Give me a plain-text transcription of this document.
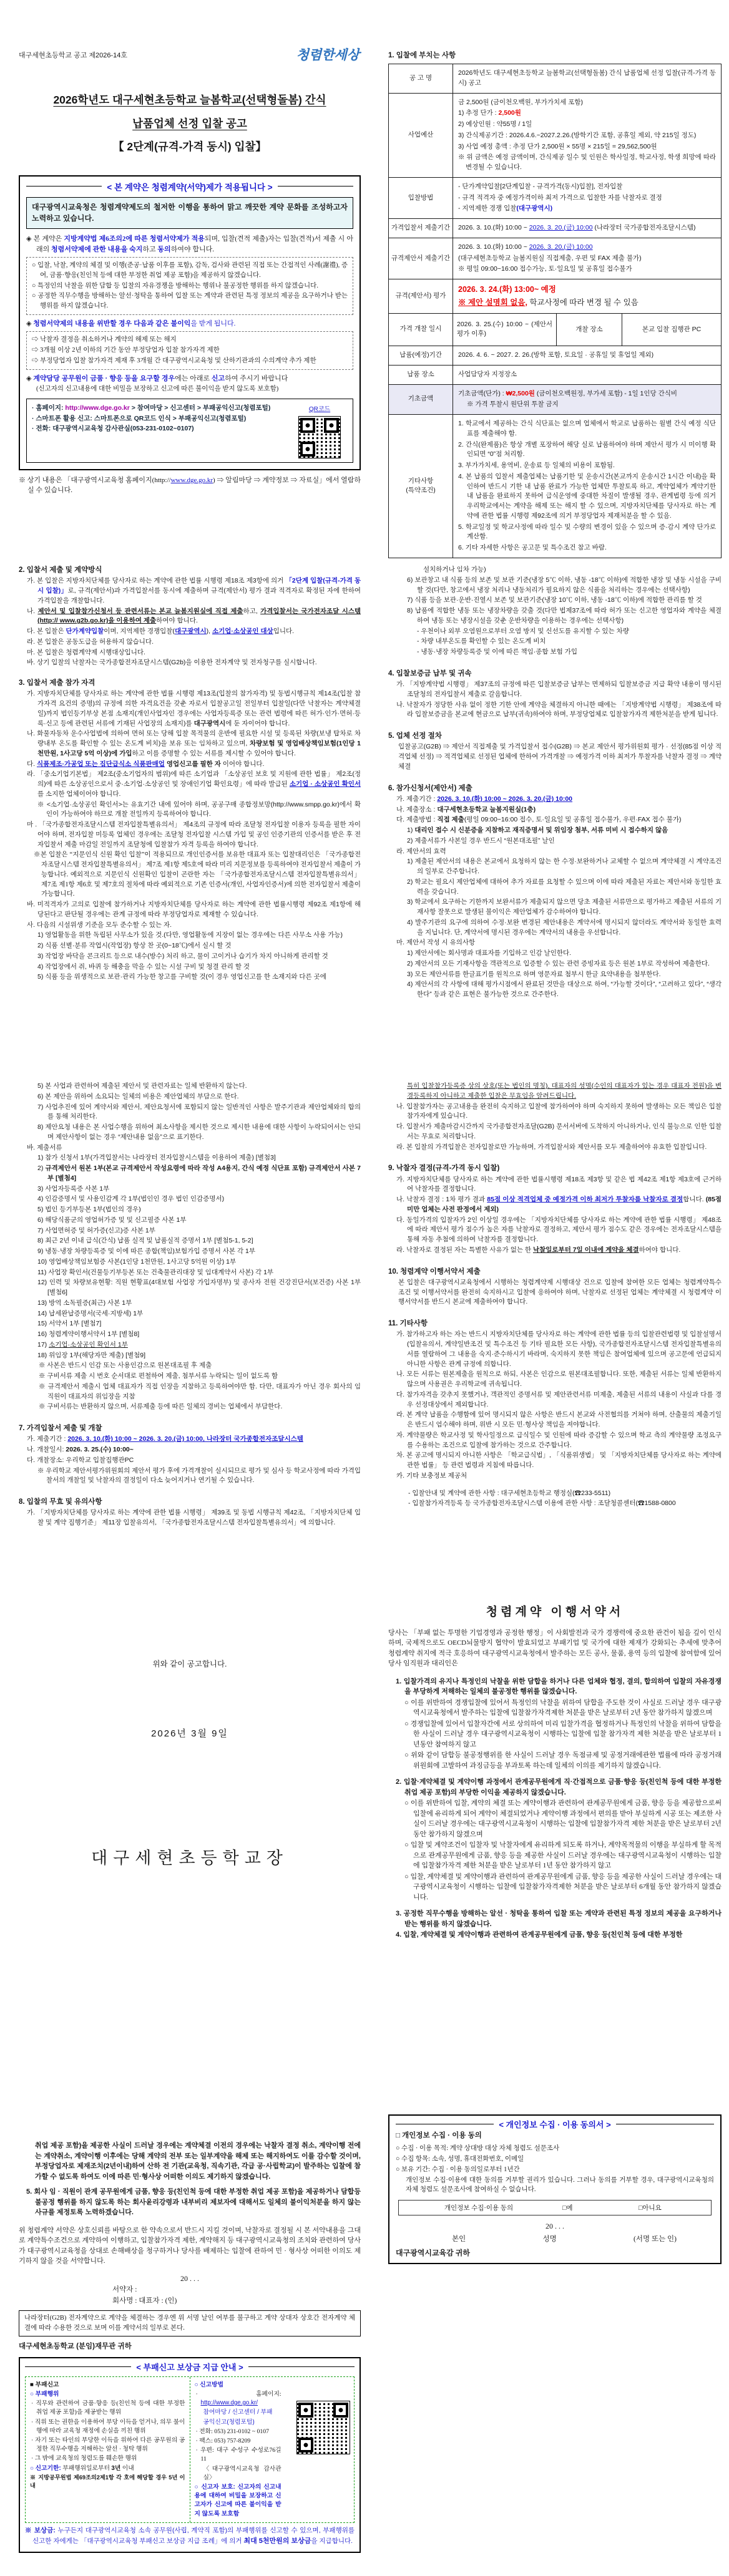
대구세현초등학교 공고 제2026-14호	청렴한세상
2026학년도 대구세현초등학교 늘봄학교(선택형돌봄) 간식
납품업체 선정 입찰 공고
【 2단계(규격-가격 동시) 입찰】
< 본 계약은 청렴계약(서약)제가 적용됩니다 >
대구광역시교육청은 청렴계약제도의 철저한 이행을 통하여 맑고 깨끗한 계약 문화를 조성하고자 노력하고 있습니다.
◈ 본 계약은 지방계약법 제6조의2에 따른 청렴서약제가 적용되며, 입찰(견적 제출)자는 입찰(견적)서 제출 시 아래의 청렴서약제에 관한 내용을 숙지하고 동의하여야 합니다.
○ 입찰, 낙찰, 계약의 체결 및 이행(준공·납품 이후를 포함), 감독, 검사와 관련된 직접 또는 간접적인 사례(謝禮), 증여, 금품·향응(친인척 등에 대한 부정한 취업 제공 포함)을 제공하지 않겠습니다.
○ 특정인의 낙찰을 위한 담합 등 입찰의 자유경쟁을 방해하는 행위나 불공정한 행위를 하지 않겠습니다.
○ 공정한 직무수행을 방해하는 알선·청탁을 통하여 입찰 또는 계약과 관련된 특정 정보의 제공을 요구하거나 받는 행위를 하지 않겠습니다.
◈ 청렴서약제의 내용을 위반할 경우 다음과 같은 불이익을 받게 됩니다.
⇨ 낙찰자 결정을 취소하거나 계약의 해제 또는 해지
⇨ 3개월 이상 2년 이하의 기간 동안 부정당업자 입찰 참가자격 제한
⇨ 부정당업자 입찰 참가자격 제재 후 3개월 간 대구광역시교육청 및 산하기관과의 수의계약 추가 제한
◈ 계약담당 공무원이 금품 · 향응 등을 요구할 경우에는 아래로 신고하여 주시기 바랍니다
(신고자의 신고내용에 대한 비밀을 보장하고 신고에 따른 불이익을 받지 않도록 보호함)
· 홈페이지: http://www.dge.go.kr > 참여마당 > 신고센터 > 부패공익신고(청렴포털)
· 스마트폰 활용 신고: 스마트폰으로 QR코드 인식 > 부패공익신고(청렴포털)
· 전화: 대구광역시교육청 감사관실(053-231-0102~0107)
QR코드
※ 상기 내용은 「대구광역시교육청 홈페이지(http://www.dge.go.kr) ⇒ 알림마당 ⇒ 계약정보 ⇒ 자료실」에서 열람하실 수 있습니다.
1. 입찰에 부치는 사항
공 고 명	2026학년도 대구세현초등학교 늘봄학교(선택형돌봄) 간식 납품업체 선정 입찰(규격-가격 동시) 공고

사업예산

금 2,500원 (금이천오백원, 부가가치세 포함)
1) 추정 단가 : 2,500원
2) 예상인원 : 약55명 / 1일
3) 간식제공기간 : 2026.4.6.~2027.2.26.(방학기간 포함, 공휴일 제외, 약 215일 정도)
3) 사업 예정 총액 : 추정 단가 2,500원 × 55명 × 215일 = 29,562,500원
※ 위 금액은 예정 금액이며, 간식제공 일수 및 인원은 학사일정, 학교사정, 학생 희망에 따라 변경될 수 있습니다.

입찰방법	- 단가계약입찰[2단계입찰 - 규격가격(동시)입찰], 전자입찰
- 규격 적격자 중 예정가격이하 최저 가격으로 입찰한 자를 낙찰자로 결정
- 지역제한 경쟁 입찰(대구광역시)

가격입찰서 제출기간	2026. 3. 10.(화) 10:00 ~ 2026. 3. 20.(금) 10:00 (나라장터 국가종합전자조달시스템)

규격제안서 제출기간	2026. 3. 10.(화) 10:00 ~ 2026. 3. 20.(금) 10:00
(대구세현초등학교 늘봄지원실 직접제출, 우편 및 FAX 제출 불가)
※ 평일 09:00~16:00 접수가능, 토·일요일 및 공휴일 접수불가

규격(제안서) 평가	2026. 3. 24.(화) 13:00~ 예정
※ 제안 설명회 없음, 학교사정에 따라 변경 될 수 있음

가격 개찰 일시	2026. 3. 25.(수) 10:00 ~ (제안서 평가 이후)
개찰 장소 본교 입찰 집행관 PC

납품(예정)기간	2026. 4. 6. ~ 2027. 2. 26.(방학 포함, 토요일 · 공휴일 및 휴업일 제외)

납품 장소	사업담당자 지정장소

기초금액	기초금액(단가) : ₩2,500원 (금이천오백원정, 부가세 포함) - 1일 1인당 간식비
※ 가격 투찰시 원단위 투찰 금지

기타사항
(특약조건)

1. 학교에서 제공하는 간식 식단표는 없으며 업체에서 학교로 납품하는 월별 간식 예정 식단표를 제출해야 함.
2. 간식(완제품)은 항상 개별 포장하여 해당 실로 납품하여야 하며 제안서 평가 시 미이행 확인되면 “0”점 처리함.
3. 부가가치세, 용역비, 운송료 등 일체의 비용이 포함됨.
4. 본 납품의 입찰서 제출업체는 납품기한 및 운송시간(본교까지 운송시간 1시간 이내)을 확인하여 반드시 기한 내 납품 완료가 가능한 업체만 투찰토록 하고, 계약업체가 계약기한 내 납품을 완료하지 못하여 급식운영에 중대한 차질이 발생될 경우, 관계법령 등에 의거 우리학교에서는 계약을 해제 또는 해지 할 수 있으며, 지방자치단체를 당사자로 하는 계약에 관한 법률 시행령 제92조에 의거 부정당업자 제재처분을 할 수 있음.
5. 학교일정 및 학교사정에 따라 일수 및 수량의 변경이 있을 수 있으며 증·감시 계약 단가로 계산함.
6. 기타 자세한 사항은 공고문 및 특수조건 참고 바람.
2. 입찰서 제출 및 계약방식
가. 본 입찰은 지방자치단체를 당사자로 하는 계약에 관한 법률 시행령 제18조 제3항에 의거 「2단계 입찰(규격-가격 동시 입찰)」로, 규격(제안서)과 가격입찰서를 동시에 제출하며 규격(제안서) 평가 결과 적격자로 확정된 자에 한하여 가격입찰을 개찰합니다.
나. 제안서 및 입찰참가신청서 등 관련서류는 본교 늘봄지원실에 직접 제출하고, 가격입찰서는 국가전자조달 시스템 (http:// www.g2b.go.kr)을 이용하여 제출하여야 합니다.
다. 본 입찰은 단가계약입찰이며, 지역제한 경쟁입찰(대구광역시), 소기업·소상공인 대상입니다.
라. 본 입찰은 공동도급을 허용하지 않습니다.
마. 본 입찰은 청렴계약제 시행대상입니다.
바. 상기 입찰의 낙찰자는 국가종합전자조달시스템(G2b)을 이용한 전자계약 및 전자청구를 실시합니다.
3. 입찰서 제출 참가 자격
가. 지방자치단체를 당사자로 하는 계약에 관한 법률 시행령 제13조(입찰의 참가자격) 및 동법시행규칙 제14조(입찰 참가자격 요건의 증명)의 규정에 의한 자격요건을 갖춘 자로서 입찰공고일 전일부터 입찰일(다만 낙찰자는 계약체결일)까지 법인등기부상 본점 소재지(개인사업자인 경우에는 사업자등록증 또는 관련 법령에 따른 허가·인가·면허·등록·신고 등에 관련된 서류에 기재된 사업장의 소재지)를 대구광역시에 둔 자이어야 합니다.
나. 화물자동차 운수사업법에 의하여 면허 또는 당해 입찰 목적물의 운반에 필요한 시설 및 등록된 차량(보냉 탑차로 차량내부 온도를 확인할 수 있는 온도계 비치)을 보유 또는 임차하고 있으며, 차량보험 및 영업배상책임보험(1인당 1천만원, 1사고당 5억 이상)에 가입하고 이를 증명할 수 있는 서류를 제시할 수 있어야 합니다.
다. 식품제조·가공업 또는 집단급식소 식품판매업 영업신고를 필한 자 이어야 합니다.
라. 「중소기업기본법」 제2조(중소기업자의 범위)에 따른 소기업과 「소상공인 보호 및 지원에 관한 법률」 제2조(정의)에 따른 소상공인으로서 중·소기업·소상공인 및 장애인기업 확인요령」에 따라 발급된 소기업 · 소상공인 확인서를 소지한 업체이어야 합니다.
※ <소기업·소상공인 확인서>는 유효기간 내에 있어야 하며, 공공구매 종합정보망(http://www.smpp.go.kr)에서 확인이 가능하여야 하므로 개찰 전일까지 등록하여야 합니다.
마 . 「국가종합전자조달시스템 전자입찰특별유의서」 제4조의 규정에 따라 조달청 전자입찰 이용자 등록을 필한 자이어야 하며, 전자입찰 미등록 업체인 경우에는 조달청 전자입찰 시스템 가입 및 공인 인증기관의 인증서를 받은 후 전자입찰서 제출 마감일 전일까지 조달청에 입찰참가 자격 등록을 하여야 합니다.
※본 입찰은 “지문인식 신원 확인 입찰”이 적용되므로 개인인증서를 보유한 대표자 또는 입찰대리인은 「국가종합전자조달시스템 전자입찰특별유의서」 제7조 제1항 제5호에 따라 미리 지문정보를 등록하여야 전자입찰서 제출이 가능합니다. 예외적으로 지문인식 신원확인 입찰이 곤란한 자는 「국가종합전자조달시스템 전자입찰특별유의서」 제7조 제1항 제6호 및 제7호의 절차에 따라 예외적으로 기존 인증서(개인, 사업자인증서)에 의한 전자입찰서 제출이 가능합니다.
바. 미적격자가 고의로 입찰에 참가하거나 지방자치단체를 당사자로 하는 계약에 관한 법률시행령 제92조 제1항에 해당된다고 판단될 경우에는 관계 규정에 따라 부정당업자로 제재할 수 있습니다.
사. 다음의 시설위생 기준을 모두 준수할 수 있는 자.
1) 영업활동을 위한 독립된 사무소가 있을 것.(다만, 영업활동에 지장이 없는 경우에는 다른 사무소 사용 가능)
2) 식품 선별·분류 작업시(작업장) 항상 찬 곳(0~18℃)에서 실시 할 것
3) 작업장 바닥을 콘크리트 등으로 내수(방수) 처리 하고, 물이 고이거나 습기가 차지 아니하게 관리할 것
4) 작업장에서 쥐, 바퀴 등 해충을 막을 수 있는 시설 구비 및 청결 관리 할 것
5) 식품 등을 위생적으로 보관·관리 가능한 창고를 구비할 것(이 경우 영업신고를 한 소재지와 다른 곳에
설치하거나 임차 가능)
6) 보관창고 내 식품 등의 보존 및 보관 기준(냉장 5℃ 이하, 냉동 -18℃ 이하)에 적합한 냉장 및 냉동 시설을 구비할 것(다만, 창고에서 냉장 처리나 냉동처리가 필요하지 않은 식품을 처리하는 경우에는 선택사항)
7) 식품 등을 보관·운반·진열시 보존 및 보관기준(냉장 10℃ 이하, 냉동 -18℃ 이하)에 적합한 관리를 할 것
8) 납품에 적합한 냉동 또는 냉장차량을 갖출 것(다만 법제37조에 따라 허가 또는 신고한 영업자와 계약을 체결하여 냉동 또는 냉장시설을 갖춘 운반차량을 이용하는 경우에는 선택사항)
- 우천이나 외부 오염원으로부터 오염 방지 및 신선도를 유지할 수 있는 차량
- 차량 내부온도를 확인할 수 있는 온도계 비치
- 냉동·냉장 차량등록증 및 이에 따른 책임·종합 보험 가입
4. 입찰보증금 납부 및 귀속
가. 「지방계약법 시행령」 제37조의 규정에 따른 입찰보증금 납부는 면제하되 입찰보증금 지급 확약 내용이 명시된 조달청의 전자입찰서 제출로 갈음합니다.
나. 낙찰자가 정당한 사유 없이 정한 기한 안에 계약을 체결하지 아니한 때에는 「지방계약법 시행령」 제38조에 따라 입찰보증금을 본교에 현금으로 납부(귀속)하여야 하며, 부정당업체로 입찰참가자격 제한처분을 받게 됩니다.
5. 업체 선정 절차
입찰공고(G2B) ⇒ 제안서 직접제출 및 가격입찰서 접수(G2B) ⇒ 본교 제안서 평가위원회 평가 · 선정(85점 이상 적격업체 선정) ⇒ 적격업체로 선정된 업체에 한하여 가격개찰 ⇒ 예정가격 이하 최저가 투찰자를 낙찰자 결정 ⇒ 계약체결
6. 참가신청서(제안서) 제출
가. 제출기간 : 2026. 3. 10.(화) 10:00 ~ 2026. 3. 20.(금) 10:00
나. 제출장소 : 대구세현초등학교 늘봄지원실(1층)
다. 제출방법 : 직접 제출(평일 09:00~16:00 접수, 토·일요일 및 공휴일 접수불가, 우편·FAX 접수 불가)
1) 대리인 접수 시 신분증을 지참하고 재직증명서 및 위임장 첨부, 서류 미비 시 접수하지 않음
2) 제출서류가 사본일 경우 반드시 “원본대조필” 날인
라. 제안서의 효력
1) 제출된 제안서의 내용은 본교에서 요청하지 않는 한 수정·보완하거나 교체할 수 없으며 계약체결 시 계약조건의 일부로 간주합니다.
2) 학교는 필요시 제안업체에 대하여 추가 자료를 요청할 수 있으며 이에 따라 제출된 자료는 제안서와 동일한 효력을 갖습니다.
3) 학교에서 요구하는 기한까지 보완서류가 제출되지 않으면 당초 제출된 서류만으로 평가하고 제출된 서류의 기재사항 잘못으로 발생된 불이익은 제안업체가 감수하여야 합니다.
4) 발주기관의 요구에 의하여 수정·보완 변경된 제안내용은 계약서에 명시되지 않더라도 계약서와 동일한 효력을 지닙니다. 단, 계약서에 명시된 경우에는 계약서의 내용을 우선합니다.
마. 제안서 작성 시 유의사항
1) 제안서에는 회사명과 대표자를 기입하고 인감 날인한다.
2) 제안서의 모든 기재사항을 객관적으로 입증할 수 있는 관련 증빙자료 등은 원본 1부로 작성하여 제출한다.
3) 모든 제안서류를 한글표기를 원칙으로 하며 영문자료 첨부시 한글 요약내용을 첨부한다.
4) 제안서의 각 사항에 대해 평가시점에서 완료된 것만을 대상으로 하여, “가능할 것이다”, “고려하고 있다”, “생각한다” 등과 같은 표현은 불가능한 것으로 간주한다.
5) 본 사업과 관련하여 제출된 제안서 및 관련자료는 일체 반환하지 않는다.
6) 본 제안을 위하여 소요되는 일체의 비용은 제안업체의 부담으로 한다.
7) 사업추진에 있어 계약서와 제안서, 제안요청서에 포함되지 않는 일반적인 사항은 발주기관과 제안업체와의 합의를 통해 처리한다.
8) 제안요청 내용은 본 사업수행을 위하여 최소사항을 제시한 것으로 제시한 내용에 대한 사항이 누락되어서는 안되며 제안사항이 없는 경우 “제안내용 없음”으로 표기한다.
바. 제출서류
1) 참가 신청서 1부(가격입찰서는 나라장터 전자입찰시스템을 이용하여 제출) [별첨3]
2) 규격제안서 원본 1부(본교 규격제안서 작성요령에 따라 작성 A4용지, 간식 예정 식단표 포함) 규격제안서 사본 7부 [별첨4]
3) 사업자등록증 사본 1부
4) 인감증명서 및 사용인감계 각 1부(법인인 경우 법인 인감증명서)
5) 법인 등기부등본 1부(법인의 경우)
6) 해당식품군의 영업허가증 및 및 신고필증 사본 1부
7) 사업면허증 및 허가증(신고)증 사본 1부
8) 최근 2년 이내 급식(간식) 납품 실적 및 납품실적 증명서 1부 [별첨5-1, 5-2]
9) 냉동·냉장 차량등록증 및 이에 따른 종합(책임)보험가입 증명서 사본 각 1부
10) 영업배상책임보험증 사본(1인당 1천만원, 1사고당 5억원 이상) 1부
11) 사업장 확인서(건물등기부등본 또는 건축물관리대장 및 임대계약서 사본) 각 1부
12) 인력 및 차량보유현황: 직원 현황표(4대보험 사업장 가입자명부) 및 종사자 전원 건강진단서(보건증) 사본 1부 [별첨6]
13) 방역 소독필증(최근) 사본 1부
14) 납세완납증명서(국세·지방세) 1부
15) 서약서 1부 [별첨7]
16) 청렴계약이행서약서 1부 [별첨8]
17) 소기업·소상공인 확인서 1부
18) 위임장 1부(해당자만 제출) [별첨9]
※ 사본은 반드시 인감 또는 사용인감으로 원본대조필 후 제출
※ 구비서류 제출 시 번호 순서대로 편철하여 제출, 첨부서류 누락되는 일이 없도록 함
※ 규격제안서 제출시 업체 대표자가 직접 인장을 지참하고 등록하여야만 함. 다만, 대표자가 아닌 경우 회사의 임직원이 대표자의 위임장을 지참
※ 구비서류는 반환하지 않으며, 서류제출 등에 따른 일체의 경비는 업체에서 부담한다.
7. 가격입찰서 제출 및 개찰
가. 제출기간 : 2026. 3. 10.(화) 10:00 ~ 2026. 3. 20.(금) 10:00, 나라장터 국가종합전자조달시스템
나. 개찰일시: 2026. 3. 25.(수) 10:00~
다. 개찰장소: 우리학교 입찰집행관PC
※ 우리학교 제안서평가위원회의 제안서 평가 후에 가격개찰이 실시되므로 평가 및 심사 등 학교사정에 따라 가격입찰서의 개찰일 및 낙찰자의 결정일이 다소 늦어지거나 연기될 수 있습니다.
8. 입찰의 무효 및 유의사항
가. 「지방자치단체를 당사자로 하는 계약에 관한 법률 시행령」 제39조 및 동법 시행규칙 제42조, 「지방자치단체 입찰 및 계약 집행기준」 제11장 입찰유의서, 「국가종합전자조달시스템 전자입찰특별유의서」에 의합니다.
특히 입찰참가등록증 상의 상호(또는 법인의 명칭), 대표자의 성명(수인의 대표자가 있는 경우 대표자 전원)을 변경등록하지 아니하고 제출한 입찰은 무효임을 알려드립니다.
나. 입찰참가자는 공고내용을 완전히 숙지하고 입찰에 참가하여야 하며 숙지하지 못하여 발생하는 모든 책임은 입찰 참가자에게 있습니다.
다. 입찰서가 제출마감시간까지 국가종합전자조달(G2B) 문서서버에 도착하지 아니하거나, 인식 불능으로 인한 입찰서는 무효로 처리합니다.
라. 본 입찰의 가격입찰은 전자입찰로만 가능하며, 가격입찰서와 제안서를 모두 제출하여야 유효한 입찰입니다.
9. 낙찰자 결정(규격-가격 동시 입찰)
가. 지방자치단체를 당사자로 하는 계약에 관한 법률시행령 제18조 제3항 및 같은 법 제42조 제1항 제3호에 근거하여 낙찰자를 결정합니다.
나. 낙찰자 결정 : 1차 평가 결과 85점 이상 적격업체 중 예정가격 이하 최저가 투찰자를 낙찰자로 결정합니다. (85점 미만 업체는 사전 판정에서 제외)
다. 동일가격의 입찰자가 2인 이상일 경우에는 「지방자치단체를 당사자로 하는 계약에 관한 법률 시행령」 제48조에 따라 제안서 평가 점수가 높은 자를 낙찰자로 결정하고, 제안서 평가 점수도 같은 경우에는 전자조달시스템을 통해 자동 추첨에 의하여 낙찰자를 결정합니다.
라. 낙찰자로 결정된 자는 특별한 사유가 없는 한 낙찰일로부터 7일 이내에 계약을 체결하여야 합니다.
10. 청렴계약 이행서약서 제출
본 입찰은 대구광역시교육청에서 시행하는 청렴계약제 시행대상 건으로 입찰에 참여한 모든 업체는 청렴계약특수조건 및 이행서약서를 완전히 숙지하시고 입찰에 응하여야 하며, 낙찰자로 선정된 업체는 계약체결 시 청렴계약 이행서약서를 반드시 본교에 제출하여야 합니다.
11. 기타사항
가. 참가하고자 하는 자는 반드시 지방자치단체를 당사자로 하는 계약에 관한 법률 등의 입찰관련법령 및 입찰설명서(입찰유의서, 계약일반조건 및 특수조건 등 기타 필요한 모든 사항), 국가종합전자조달시스템 전자입찰특별유의서를 열람하여 그 내용을 숙지·준수하시기 바라며, 숙지하지 못한 책임은 참여업체에 있으며 공고문에 언급되지 아니한 사항은 관계 규정에 의합니다.
나. 모든 서류는 원본제출을 원칙으로 하되, 사본은 인감으로 원본대조필합니다. 또한, 제출된 서류는 일체 반환하지 않으며 사용권은 우리학교에 귀속됩니다.
다. 참가자격을 갖추지 못했거나, 객관적인 증명서류 및 제안관련서류 미제출, 제출된 서류의 내용이 사실과 다를 경우 선정대상에서 제외합니다.
라. 본 계약 납품을 수행함에 있어 명시되지 않은 사항은 반드시 본교와 사전협의를 거쳐야 하며, 산출물의 제출기일은 반드시 엄수해야 하며, 위반 시 모든 민·형사상 책임을 져야합니다.
자. 계약물량은 학교사정 및 학사일정으로 급식일수 및 인원에 따라 증감할 수 있으며 학교 측의 계약물량 조정요구를 수용하는 조건으로 입찰에 참가하는 것으로 간주합니다.
차. 본 공고에 명시되지 아니한 사항은 「학교급식법」, 「식품위생법」 및 「지방자치단체를 당사자로 하는 계약에 관한 법률」 등 관련 법령과 지침에 따릅니다.
카. 기타 보충정보 제공처
- 입찰안내 및 계약에 관한 사항 : 대구세현초등학교 행정실(☎233-5511)
- 입찰참가자격등록 등 국가종합전자조달시스템 이용에 관한 사항 : 조달청콜센터(☎1588-0800
위와 같이 공고합니다.
2026년 3월 9일
대구세현초등학교장
청렴계약 이행서약서
당사는 「부패 없는 투명한 기업경영과 공정한 행정」이 사회발전과 국가 경쟁력에 중요한 관건이 됨을 깊이 인식하며, 국제적으로도 OECD뇌물방지 협약이 발효되었고 부패기업 및 국가에 대한 제재가 강화되는 추세에 맞추어 청렴계약 취지에 적극 호응하여 대구광역시교육청에서 발주하는 모든 공사, 물품, 용역 등의 입찰에 참여함에 있어 당사 임직원과 대리인은
1. 입찰가격의 유지나 특정인의 낙찰을 위한 담합을 하거나 다른 업체와 협정, 결의, 합의하여 입찰의 자유경쟁을 부당하게 저해하는 일체의 불공정한 행위를 않겠습니다.
○ 이를 위반하여 경쟁입찰에 있어서 특정인의 낙찰을 위하여 담합을 주도한 것이 사실로 드러날 경우 대구광역시교육청에서 발주하는 입찰에 입찰참가자격제한 처분을 받은 날로부터 2년 동안 참가하지 않겠으며
○ 경쟁입찰에 있어서 입찰자간에 서로 상의하여 미리 입찰가격을 협정하거나 특정인의 낙찰을 위하여 담합을 한 사실이 드러날 경우 대구광역시교육청이 시행하는 입찰에 입찰 참가자격 제한 처분을 받은 날로부터 1년동안 참여하지 않고
○ 위와 같이 담합등 불공정행위를 한 사실이 드러날 경우 독점규제 및 공정거래에관한 법률에 따라 공정거래위원회에 고발하여 과징금등을 부과토록 하는데 일체의 이의를 제기하지 않겠습니다.
2. 입찰·계약체결 및 계약이행 과정에서 관계공무원에게 직·간접적으로 금품·향응 등(친인척 등에 대한 부정한 취업 제공 포함)의 부당한 이익을 제공하지 않겠습니다.
○ 이를 위반하여 입찰, 계약의 체결 또는 계약이행과 관련하여 관계공무원에게 금품, 향응 등을 제공함으로써 입찰에 유리하게 되어 계약이 체결되었거나 계약이행 과정에서 편의를 받아 부실하게 시공 또는 제조한 사실이 드러날 경우에는 대구광역시교육청이 시행하는 입찰에 입찰참가자격 제한 처분을 받은 날로부터 2년 동안 참가하지 않겠으며
○ 입찰 및 계약조건이 입찰자 및 낙찰자에게 유리하게 되도록 하거나, 계약목적물의 이행을 부실하게 할 목적으로 관계공무원에게 금품, 향응 등을 제공한 사실이 드러날 경우에는 대구광역시교육청이 시행하는 입찰에 입찰참가자격 제한 처분을 받은 날로부터 1년 동안 참가하지 않고
○ 입찰, 계약체결 및 계약이행과 관련하여 관계공무원에게 금품, 향응 등을 제공한 사실이 드러날 경우에는 대구광역시교육청이 시행하는 입찰에 입찰참가자격제한 처분을 받은 날로부터 6개월 동안 참가하지 않겠습니다.
3. 공정한 직무수행을 방해하는 알선 · 청탁을 통하여 입찰 또는 계약과 관련된 특정 정보의 제공을 요구하거나 받는 행위를 하지 않겠습니다.
4. 입찰, 계약체결 및 계약이행과 관련하여 관계공무원에게 금품, 향응 등(친인척 등에 대한 부정한
취업 제공 포함)을 제공한 사실이 드러날 경우에는 계약체결 이전의 경우에는 낙찰자 결정 취소, 계약이행 전에는 계약취소, 계약이행 이후에는 당해 계약의 전부 또는 일부계약을 해제 또는 해지하여도 이를 감수할 것이며, 부정당업자로 제재조치(2년이내)하여 산하 전 기관(교육청, 직속기관, 각급 공·사립학교)이 발주하는 입찰에 참가할 수 없도록 하여도 이에 따른 민·형사상 어떠한 이의도 제기하지 않겠습니다.
5. 회사 임 · 직원이 관계 공무원에게 금품, 향응 등(친인척 등에 대한 부정한 취업 제공 포함)을 제공하거나 담합등 불공정 행위를 하지 않도록 하는 회사윤리강령과 내부비리 제보자에 대해서도 일체의 불이익처분을 하지 않는 사규를 제정토록 노력하겠습니다.
위 청렴계약 서약은 상호신뢰를 바탕으로 한 약속으로서 반드시 지킬 것이며, 낙찰자로 결정될 시 본 서약내용을 그대로 계약특수조건으로 계약하여 이행하고, 입찰참가자격 제한, 계약해지 등 대구광역시교육청의 조치와 관련하여 당사가 대구광역시교육청을 상대로 손해배상을 청구하거나 당사를 배제하는 입찰에 관하여 민 · 형사상 어떠한 이의도 제기하지 않을 것을 서약합니다.
20 . . .
서약자 :
회사명 : 대표자 : (인)
나라장터(G2B) 전자계약으로 계약을 체결하는 경우엔 위 서명 날인 여부를 불구하고 계약 상대자 상호간 전자계약 체결에 따라 수용한 것으로 보며 이를 계약서의 일부로 본다.
대구세현초등학교 (분임)재무관 귀하
< 부패신고 보상금 지급 안내 >
■ 부패신고
○ 부패행위
· 직무와 관련하여 금품·향응 등(친인척 등에 대한 부정한 취업 제공 포함)을 제공받는 행위
· 직위 또는 권한을 이용하여 부당 이득을 얻거나, 의무 불이행에 따라 교육청 재정에 손실을 끼친 행위
· 자기 또는 타인의 부당한 이득을 위하여 다른 공무원의 공정한 직무수행을 저해하는 알선 · 청탁 행위
· 그 밖에 교육청의 청렴도를 훼손한 행위
○ 신고기한: 부패행위일로부터 3년 이내
※ 지방공무원법 제69조의2제1항 각 호에 해당할 경우 5년 이내
○ 신고방법
· 홈페이지: http://www.dge.go.kr/
참여마당 / 신고센터 / 부패
공익신고(청렴포털)
· 전화: 053) 231-0102 ~ 0107
· 팩스: 053) 757-8209
· 우편: 대구 수성구 수성로76길 11
〈대구광역시교육청 감사관실〉
○ 신고자 보호: 신고자의 신고내용에 대하여 비밀을 보장하고 신고자가 신고에 따른 불이익을 받지 않도록 보호함
※ 보상금: 누구든지 대구광역시교육청 소속 공무원(사립, 계약직 포함)의 부패행위를 신고할 수 있으며, 부패행위를 신고한 자에게는 「대구광역시교육청 부패신고 보상금 지급 조례」에 의거 최대 5천만원의 보상금을 지급합니다.
< 개인정보 수집 · 이용 동의서 >
□ 개인정보 수집 · 이용 동의
○ 수집 · 이용 목적: 계약 상대방 대상 자체 청렴도 설문조사
○ 수집 항목: 소속, 성명, 휴대전화번호, 이메일
○ 보유 기간: 수집 · 이용 동의일로부터 1년간
개인정보 수집·이용에 대한 동의를 거부할 권리가 있습니다. 그러나 동의를 거부할 경우, 대구광역시교육청의 자체 청렴도 설문조사에 참여하실 수 없습니다.
개인정보 수집·이용 동의	□예	□아니요
20 . . .
본인	성명	(서명 또는 인)
대구광역시교육감 귀하
